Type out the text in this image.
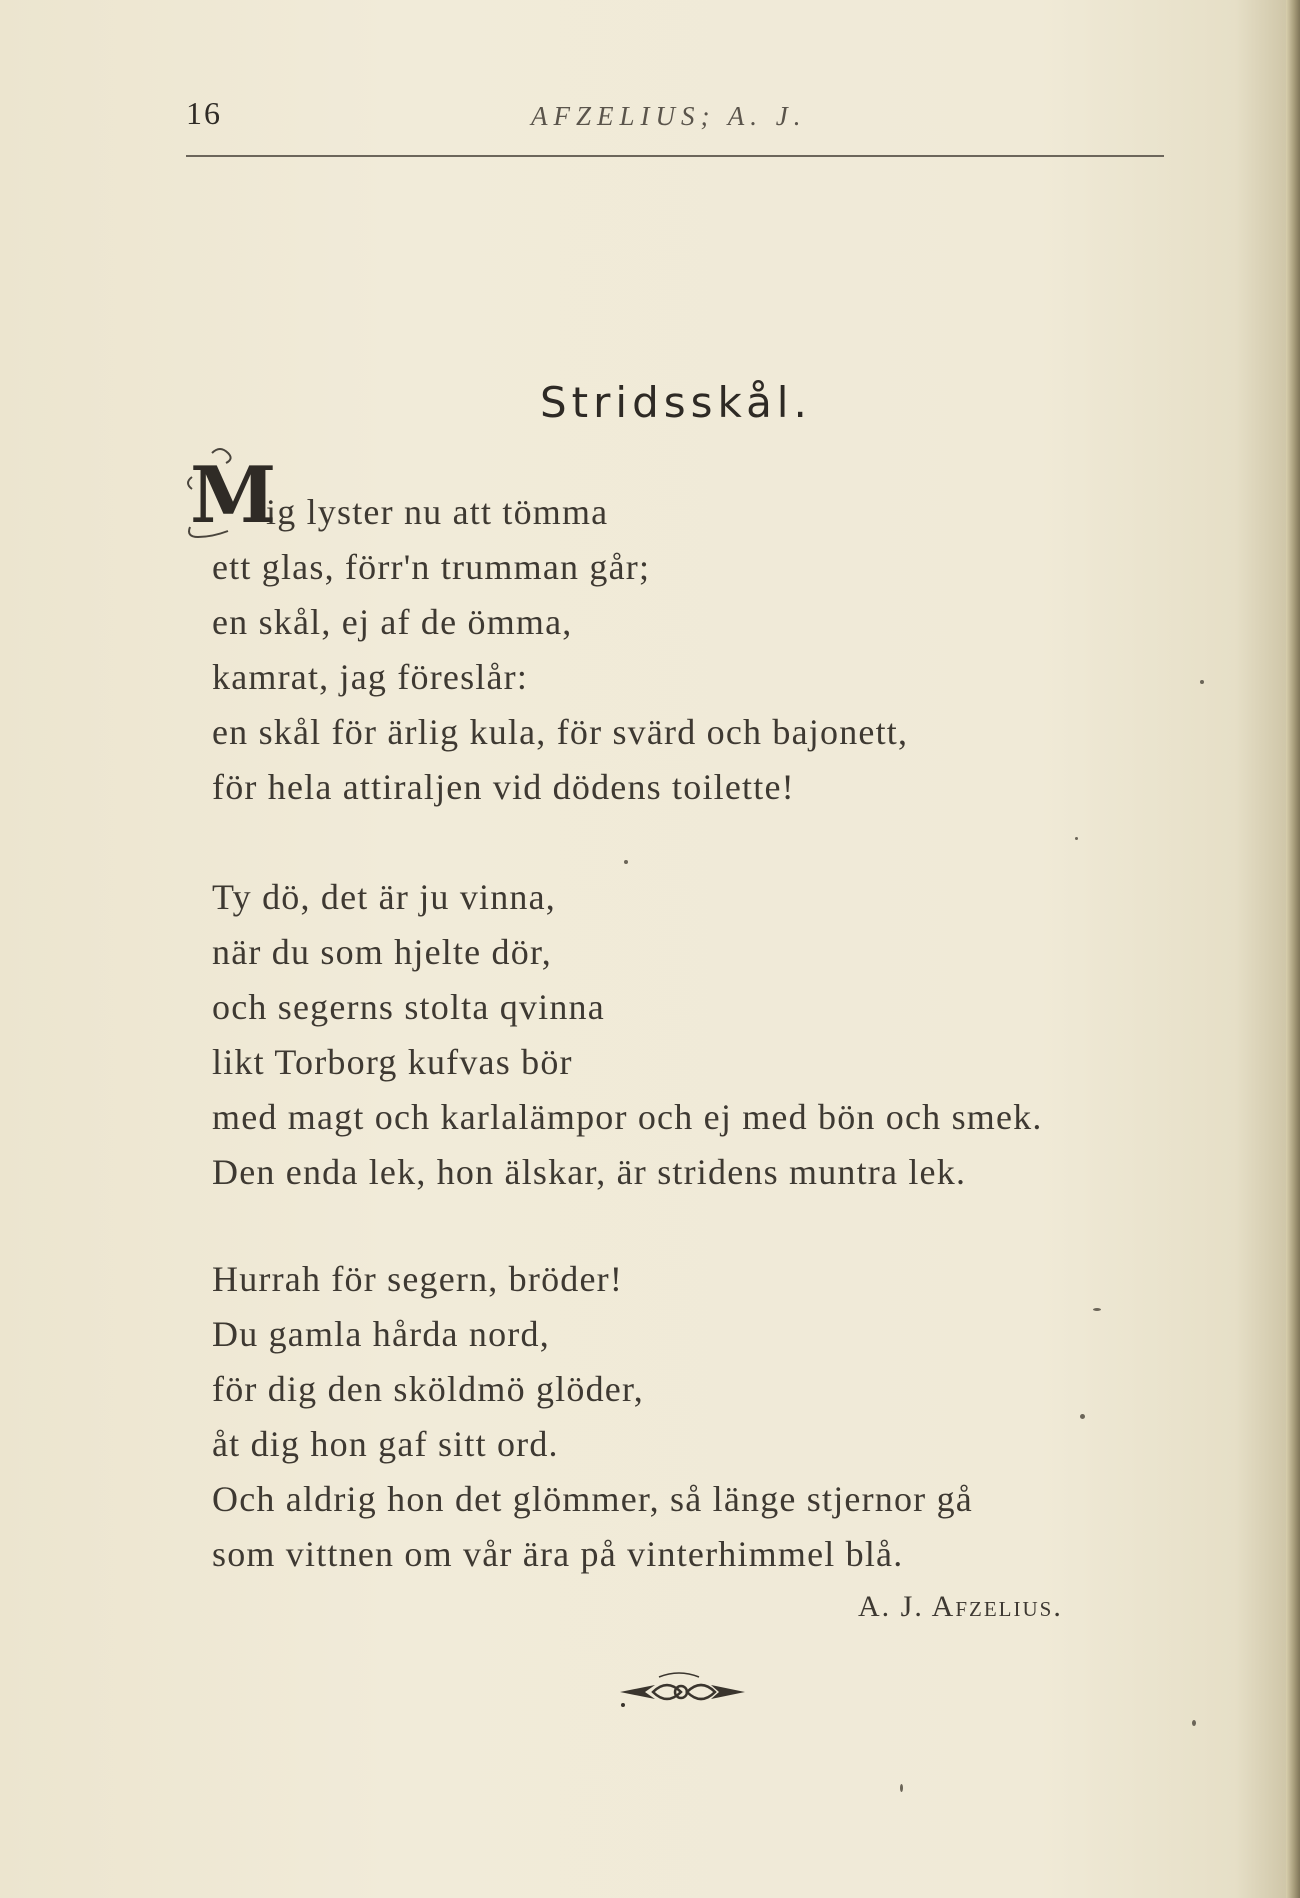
16	AFZELIUS; A. J.
Stridsskål.
M
ig lyster nu att tömma
ett glas, förr'n trumman går;
en skål, ej af de ömma,
kamrat, jag föreslår:
en skål för ärlig kula, för svärd och bajonett,
för hela attiraljen vid dödens toilette!
Ty dö, det är ju vinna,
när du som hjelte dör,
och segerns stolta qvinna
likt Torborg kufvas bör
med magt och karlalämpor och ej med bön och smek.
Den enda lek, hon älskar, är stridens muntra lek.
Hurrah för segern, bröder!
Du gamla hårda nord,
för dig den sköldmö glöder,
åt dig hon gaf sitt ord.
Och aldrig hon det glömmer, så länge stjernor gå
som vittnen om vår ära på vinterhimmel blå.
A. J. Afzelius.
